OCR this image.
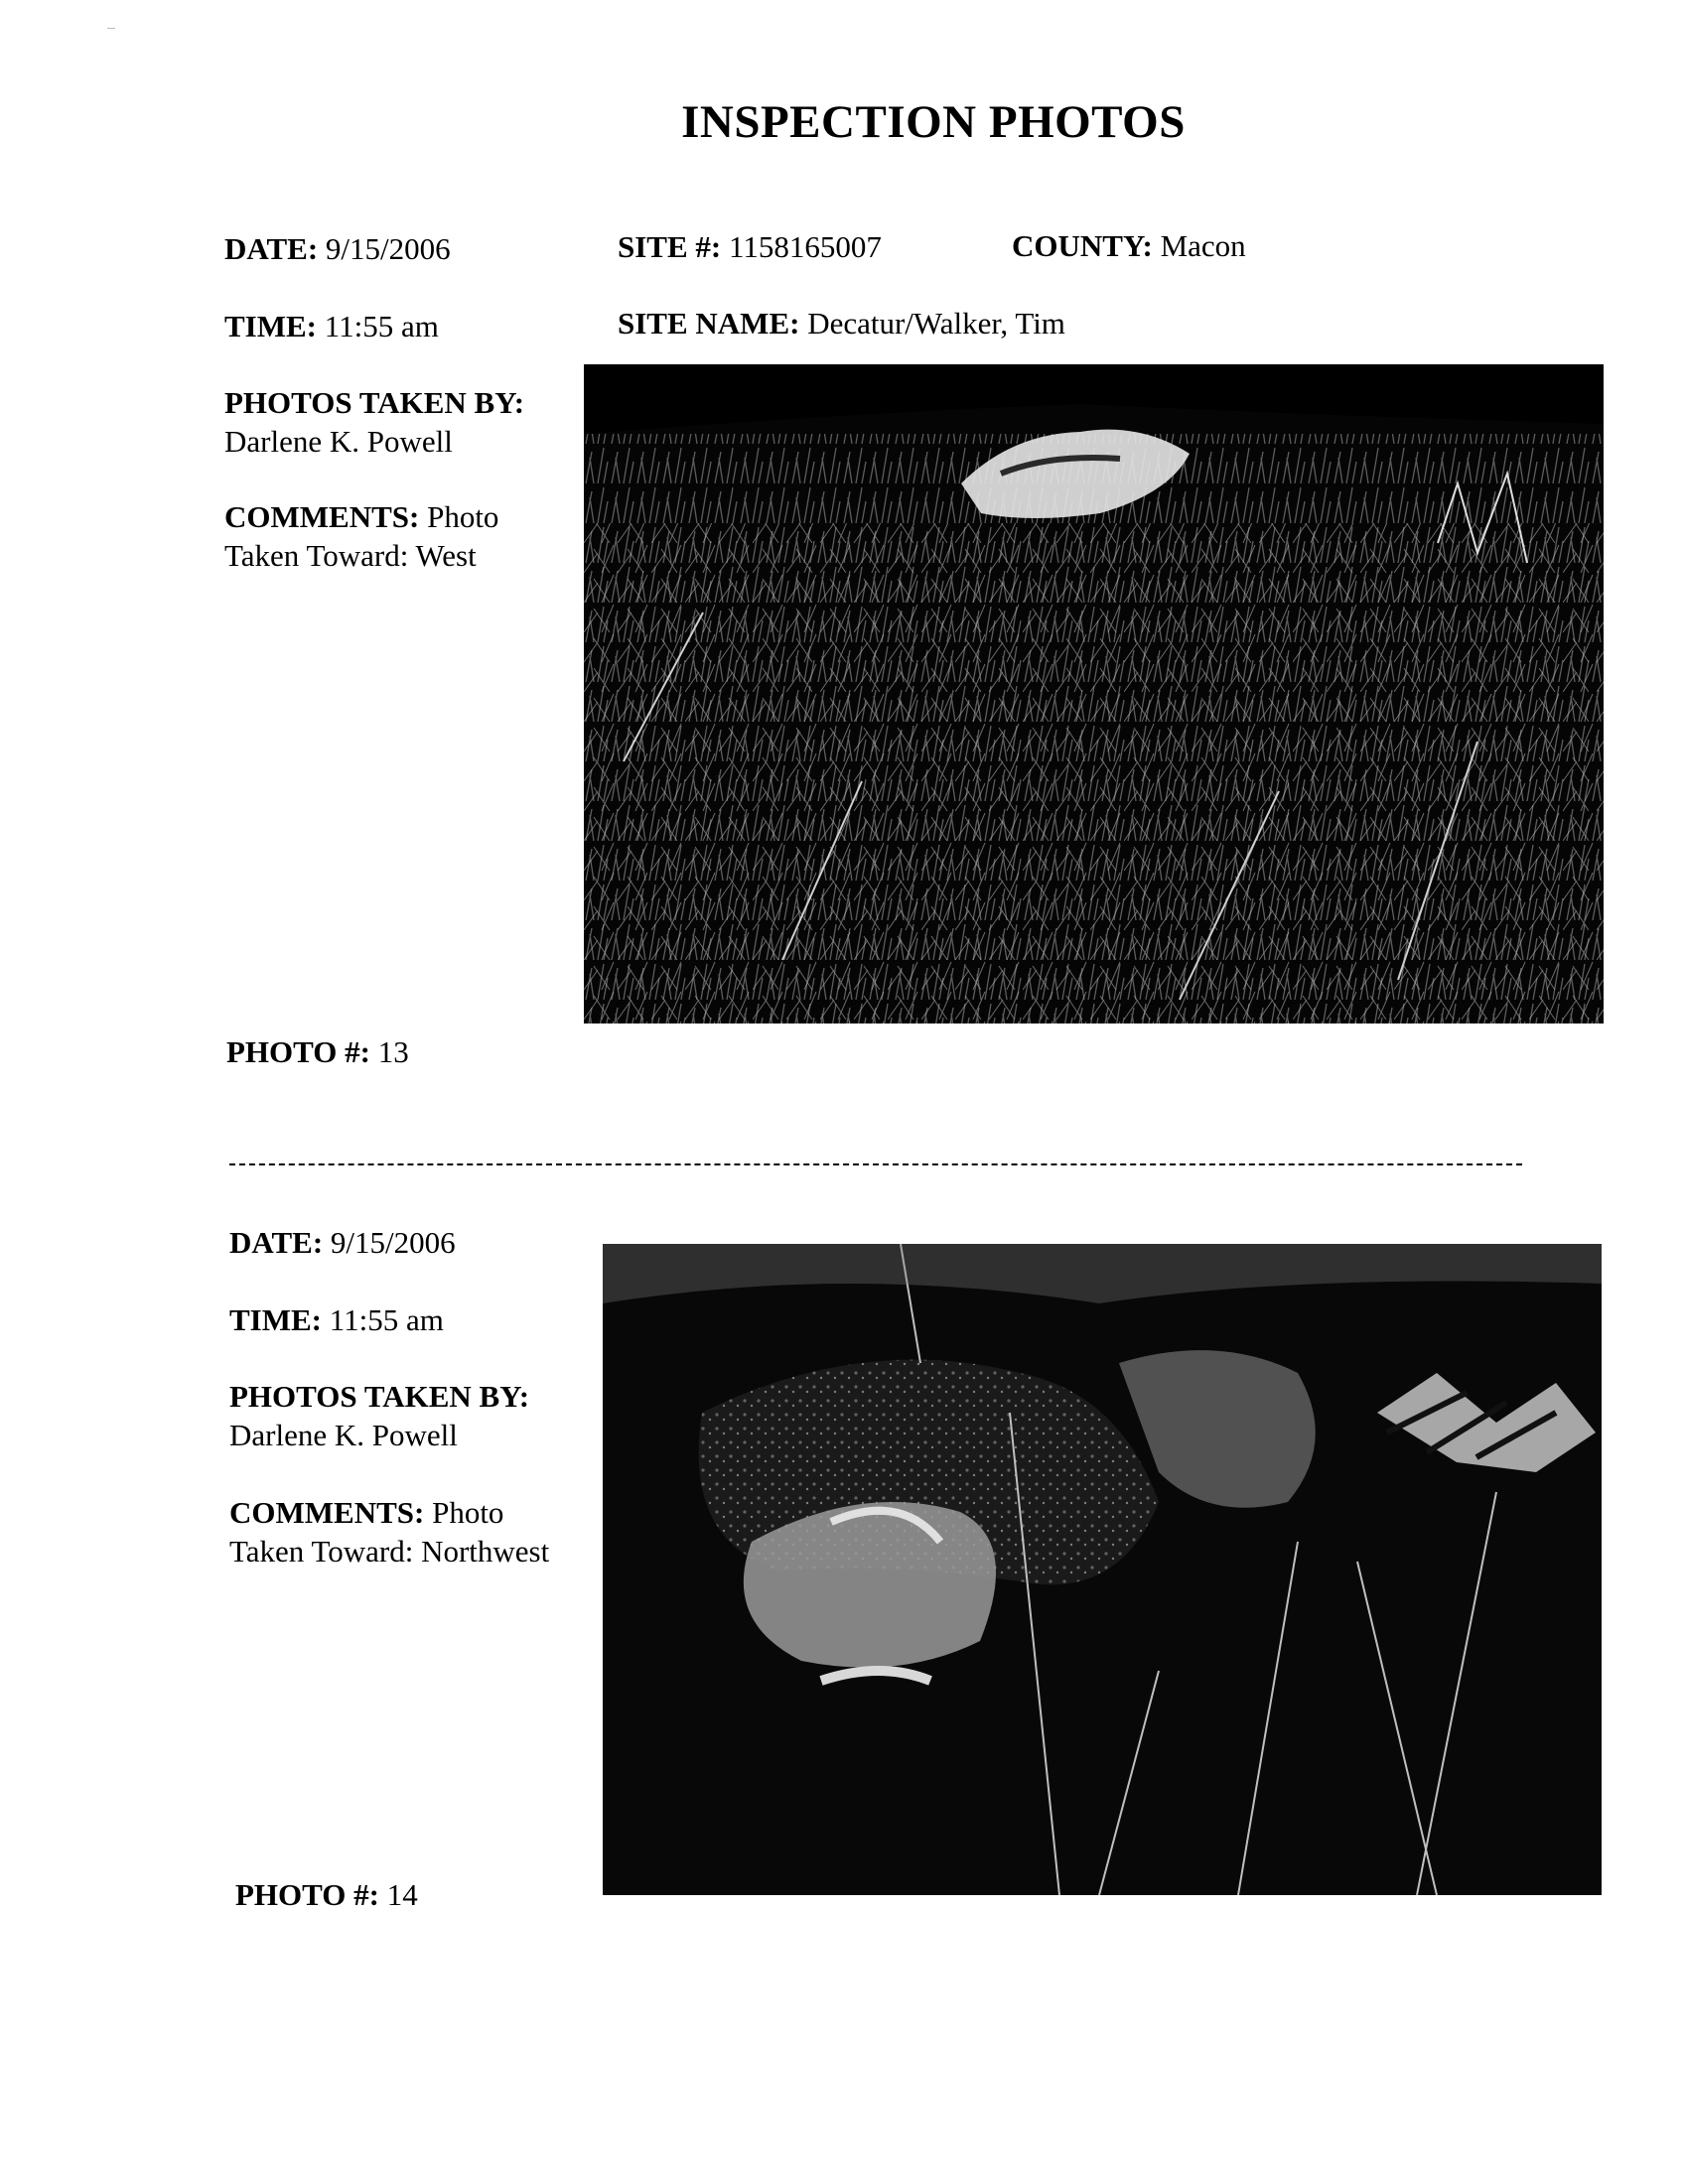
INSPECTION PHOTOS
DATE: 9/15/2006	SITE #: 1158165007	COUNTY: Macon
TIME: 11:55 am	SITE NAME: Decatur/Walker, Tim
PHOTOS TAKEN BY:
Darlene K. Powell
COMMENTS: Photo
Taken Toward: West
PHOTO #: 13
DATE: 9/15/2006
TIME: 11:55 am
PHOTOS TAKEN BY:
Darlene K. Powell
COMMENTS: Photo
Taken Toward: Northwest
PHOTO #: 14
